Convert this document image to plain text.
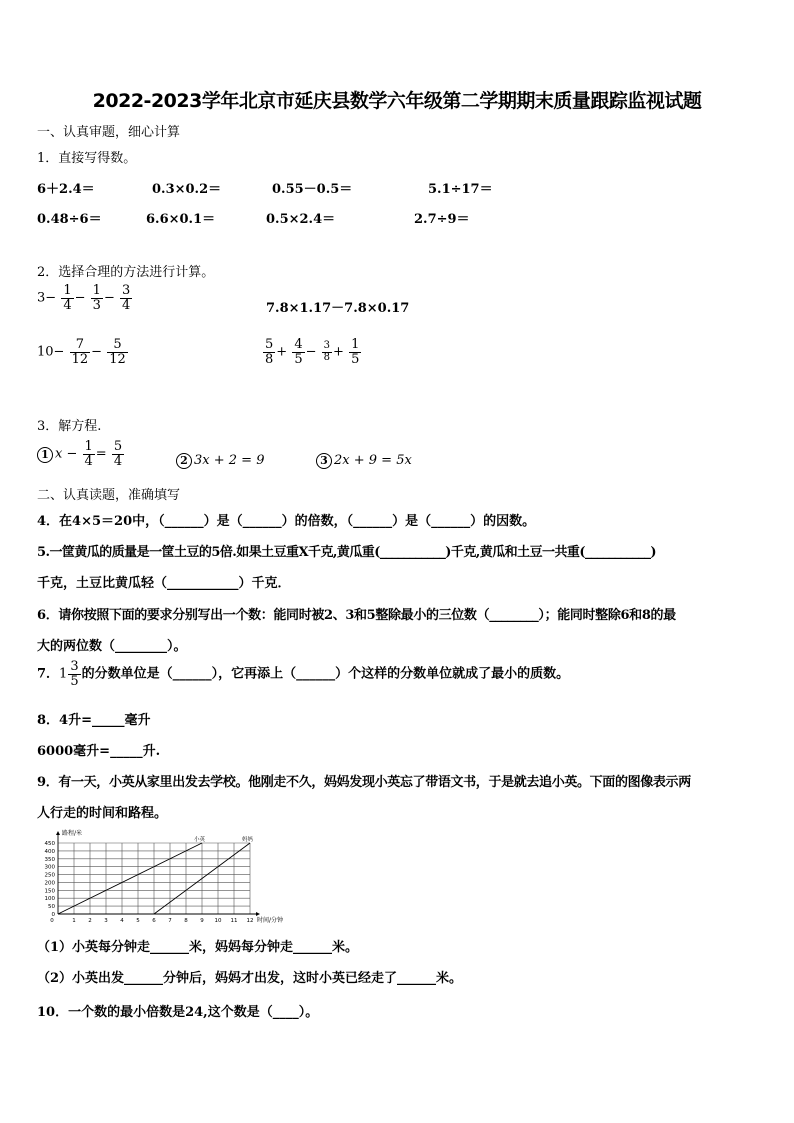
2022-2023学年北京市延庆县数学六年级第二学期期末质量跟踪监视试题
一、认真审题，细心计算
1．直接写得数。
6＋2.4＝	0.3×0.2＝	0.55－0.5＝	5.1÷17＝
0.48÷6＝	6.6×0.1＝	0.5×2.4＝	2.7÷9＝
2．选择合理的方法进行计算。
$3- \frac{1}{4} - \frac{1}{3} - \frac{3}{4}$	7.8×1.17－7.8×0.17
$10- \frac{7}{12} - \frac{5}{12}$	$\frac{5}{8} + \frac{4}{5} - \frac{3}{8} + \frac{1}{5}$
3．解方程.
1 $x - \frac{1}{4} = \frac{5}{4}$	2 3x + 2 = 9	3 2x + 9 = 5x
二、认真读题，准确填写
4．在4×5＝20中，（______）是（______）的倍数，（______）是（______）的因数。
5.一筐黄瓜的质量是一筐土豆的5倍.如果土豆重X千克,黄瓜重(___________)千克,黄瓜和土豆一共重(___________)
千克，土豆比黄瓜轻（___________）千克．
6．请你按照下面的要求分别写出一个数：能同时被2、3和5整除最小的三位数（________）；能同时整除6和8的最
大的两位数（________）。
7．$1 \frac{3}{5}$ 的分数单位是（______），它再添上（______）个这样的分数单位就成了最小的质数。
8．4升=_____毫升
6000毫升=_____升.
9．有一天，小英从家里出发去学校。他刚走不久，妈妈发现小英忘了带语文书，于是就去追小英。下面的图像表示两
人行走的时间和路程。
0
50
100
150
200
250
300
350
400
450
0	1 2 3 4 5 6 7 8 9 10 11 12
小英	妈妈
路程/米
时间/分钟
（1）小英每分钟走______米，妈妈每分钟走______米。
（2）小英出发______分钟后，妈妈才出发，这时小英已经走了______米。
10．一个数的最小倍数是24,这个数是（____）。
